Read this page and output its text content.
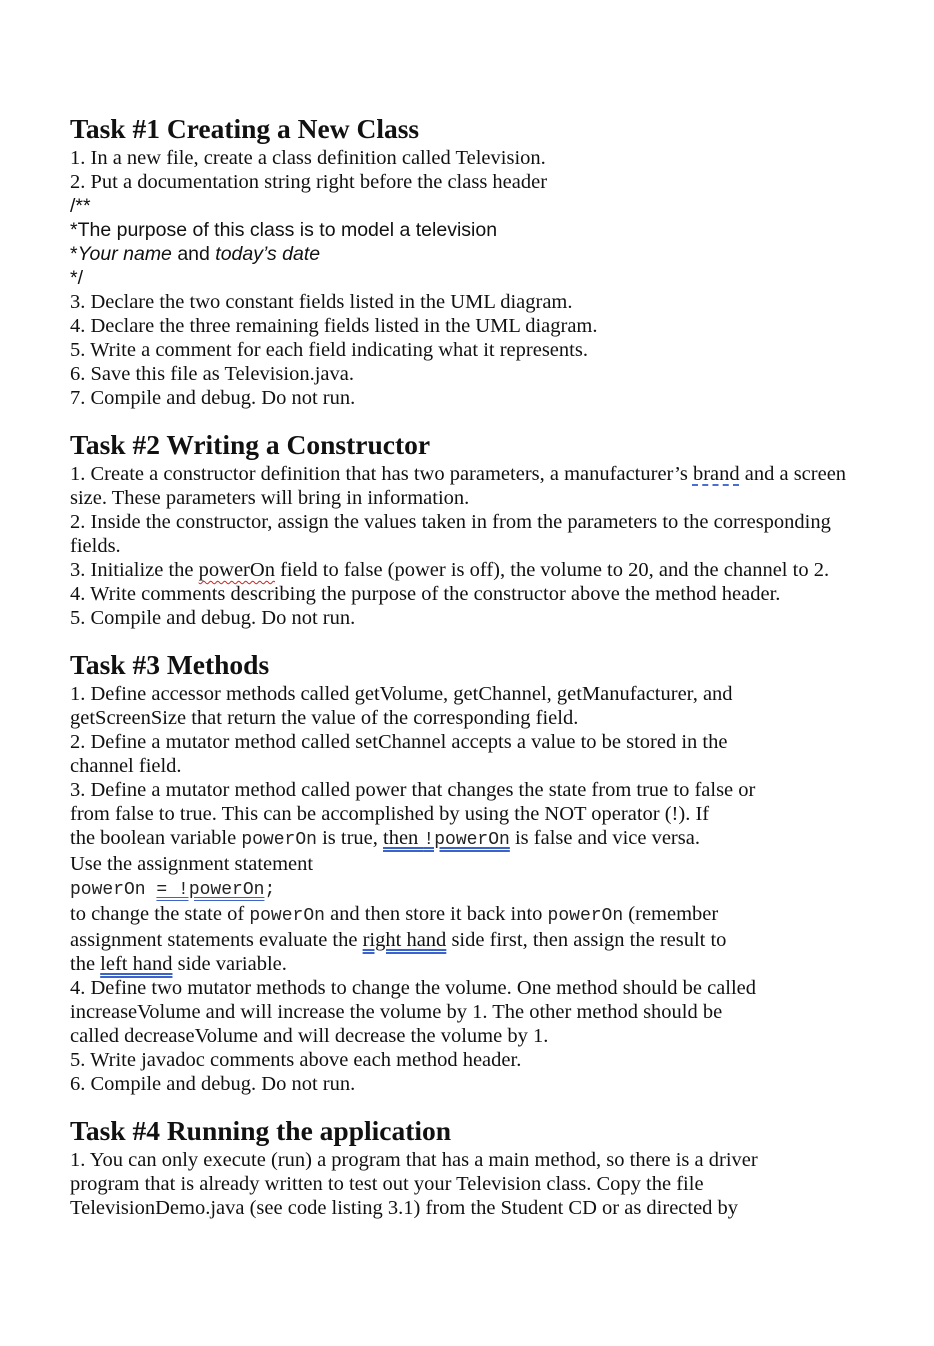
Task #1 Creating a New Class

1. In a new file, create a class definition called Television.

2. Put a documentation string right before the class header

/**

*The purpose of this class is to model a television

*Your name and today’s date

*/

3. Declare the two constant fields listed in the UML diagram.

4. Declare the three remaining fields listed in the UML diagram.

5. Write a comment for each field indicating what it represents.

6. Save this file as Television.java.

7. Compile and debug. Do not run.

Task #2 Writing a Constructor

1. Create a constructor definition that has two parameters, a manufacturer’s brand and a screen

size. These parameters will bring in information.

2. Inside the constructor, assign the values taken in from the parameters to the corresponding

fields.

3. Initialize the powerOn field to false (power is off), the volume to 20, and the channel to 2.

4. Write comments describing the purpose of the constructor above the method header.

5. Compile and debug. Do not run.

Task #3 Methods

1. Define accessor methods called getVolume, getChannel, getManufacturer, and

getScreenSize that return the value of the corresponding field.

2. Define a mutator method called setChannel accepts a value to be stored in the

channel field.

3. Define a mutator method called power that changes the state from true to false or

from false to true. This can be accomplished by using the NOT operator (!). If

the boolean variable powerOn is true, then !powerOn is false and vice versa.

Use the assignment statement

powerOn = !powerOn;

to change the state of powerOn and then store it back into powerOn (remember

assignment statements evaluate the right hand side first, then assign the result to

the left hand side variable.

4. Define two mutator methods to change the volume. One method should be called

increaseVolume and will increase the volume by 1. The other method should be

called decreaseVolume and will decrease the volume by 1.

5. Write javadoc comments above each method header.

6. Compile and debug. Do not run.

Task #4 Running the application

1. You can only execute (run) a program that has a main method, so there is a driver

program that is already written to test out your Television class. Copy the file

TelevisionDemo.java (see code listing 3.1) from the Student CD or as directed by
